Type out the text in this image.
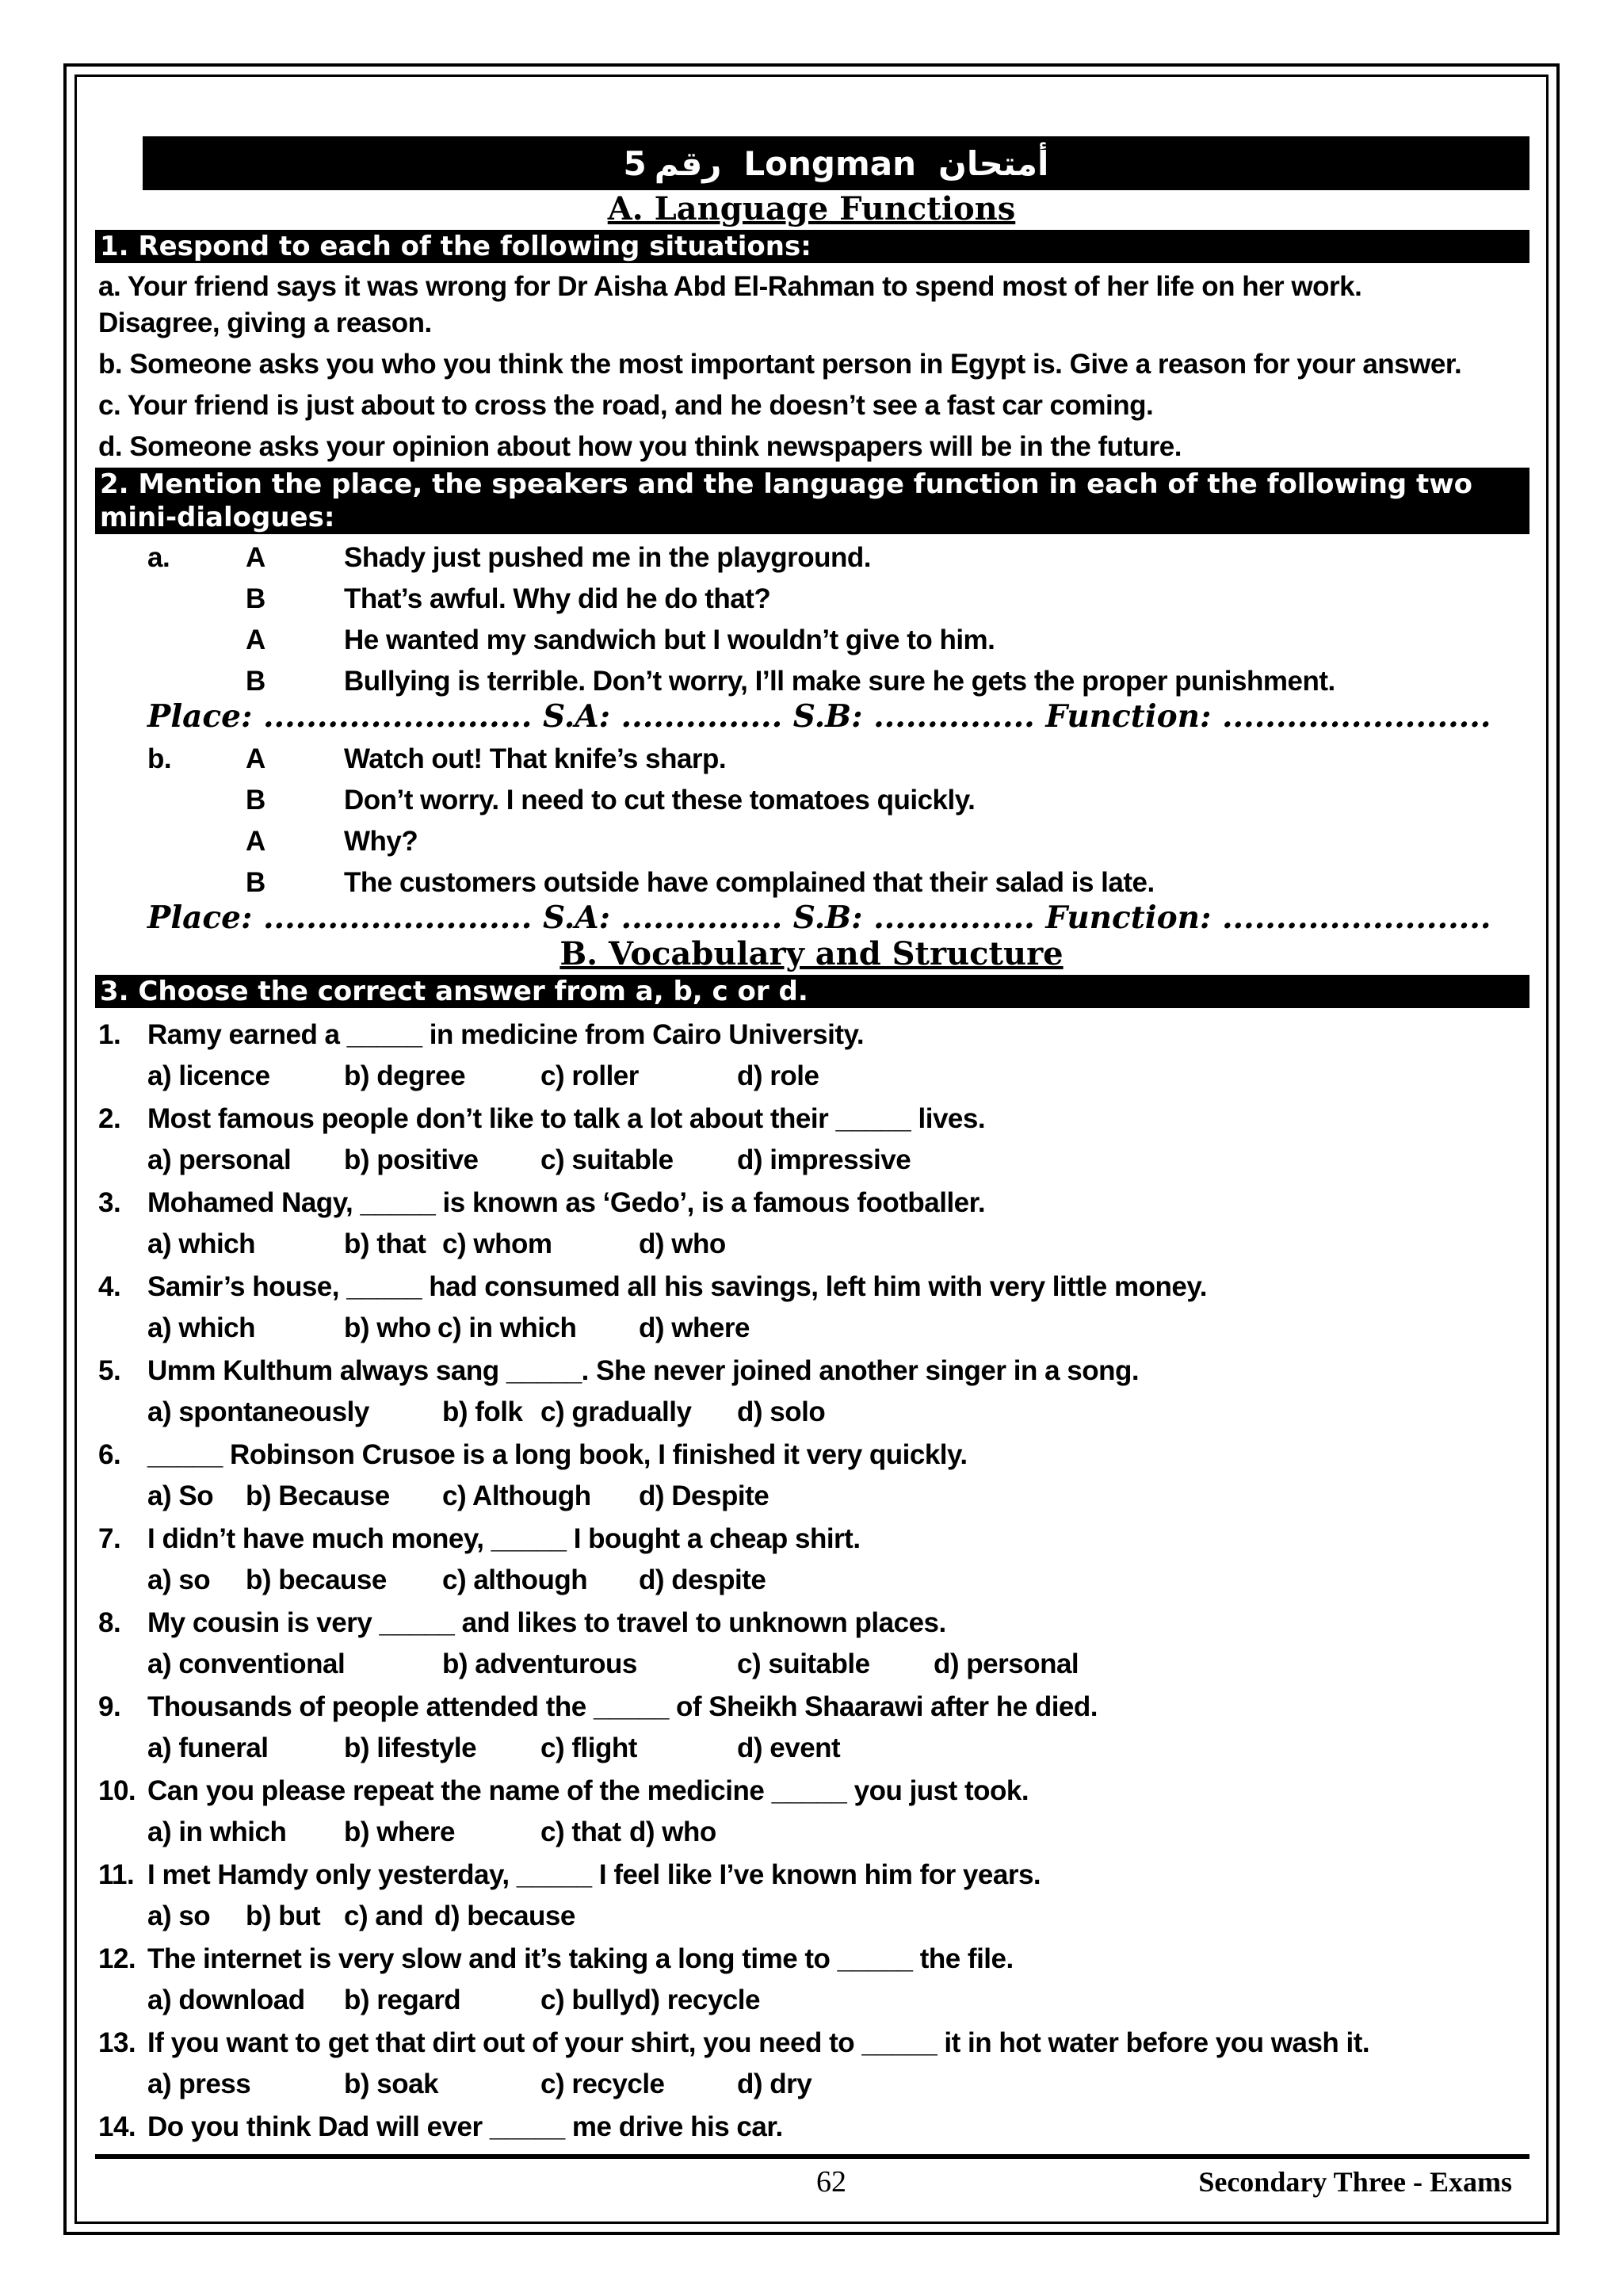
5 رقم Longman أمتحان
A. Language Functions
1. Respond to each of the following situations:
a. Your friend says it was wrong for Dr Aisha Abd El-Rahman to spend most of her life on her work.
Disagree, giving a reason.
b. Someone asks you who you think the most important person in Egypt is. Give a reason for your answer.
c. Your friend is just about to cross the road, and he doesn’t see a fast car coming.
d. Someone asks your opinion about how you think newspapers will be in the future.
2. Mention the place, the speakers and the language function in each of the following two
mini-dialogues:
a.	A	Shady just pushed me in the playground.
B	That’s awful. Why did he do that?
A	He wanted my sandwich but I wouldn’t give to him.
B	Bullying is terrible. Don’t worry, I’ll make sure he gets the proper punishment.
Place: ......................... S.A: ............... S.B: ............... Function: .........................
b.	A	Watch out! That knife’s sharp.
B	Don’t worry. I need to cut these tomatoes quickly.
A	Why?
B	The customers outside have complained that their salad is late.
Place: ......................... S.A: ............... S.B: ............... Function: .........................
B. Vocabulary and Structure
3. Choose the correct answer from a, b, c or d.
1. Ramy earned a _____ in medicine from Cairo University.
a) licence	b) degree	c) roller	d) role
2. Most famous people don’t like to talk a lot about their _____ lives.
a) personal b) positive c) suitable d) impressive
3. Mohamed Nagy, _____ is known as ‘Gedo’, is a famous footballer.
a) which	b) that c) whom	d) who
4. Samir’s house, _____ had consumed all his savings, left him with very little money.
a) which	b) who c) in which d) where
5. Umm Kulthum always sang _____. She never joined another singer in a song.
a) spontaneously	b) folk c) gradually d) solo
6. _____ Robinson Crusoe is a long book, I finished it very quickly.
a) So b) Because c) Although d) Despite
7. I didn’t have much money, _____ I bought a cheap shirt.
a) so b) because c) although d) despite
8. My cousin is very _____ and likes to travel to unknown places.
a) conventional	b) adventurous	c) suitable d) personal
9. Thousands of people attended the _____ of Sheikh Shaarawi after he died.
a) funeral	b) lifestyle c) flight	d) event
10. Can you please repeat the name of the medicine _____ you just took.
a) in which b) where	c) that d) who
11. I met Hamdy only yesterday, _____ I feel like I’ve known him for years.
a) so b) but c) and d) because
12. The internet is very slow and it’s taking a long time to _____ the file.
a) download b) regard	c) bullyd) recycle
13. If you want to get that dirt out of your shirt, you need to _____ it in hot water before you wash it.
a) press	b) soak	c) recycle	d) dry
14. Do you think Dad will ever _____ me drive his car.
62	Secondary Three - Exams
